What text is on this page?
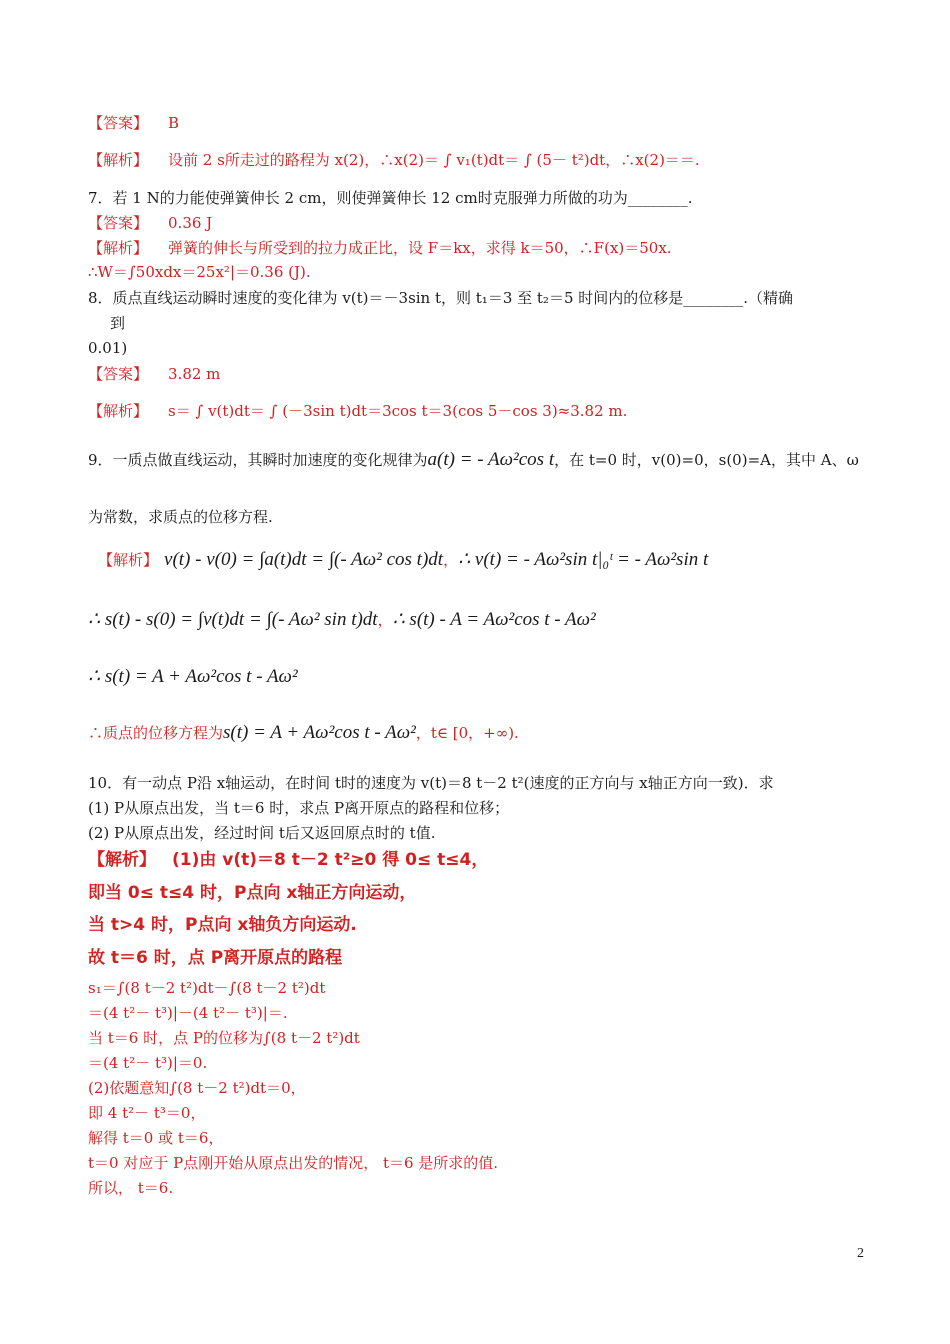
【答案】 B
【解析】 设前 2 s所走过的路程为 x(2)，∴x(2)＝ ∫ v₁(t)dt＝ ∫ (5－ t²)dt，∴x(2)＝＝.
7．若 1 N的力能使弹簧伸长 2 cm，则使弹簧伸长 12 cm时克服弹力所做的功为________.
【答案】 0.36 J
【解析】 弹簧的伸长与所受到的拉力成正比，设 F＝kx，求得 k＝50，∴F(x)＝50x.
∴W＝∫50xdx＝25x²|＝0.36 (J).
8．质点直线运动瞬时速度的变化律为 v(t)＝－3sin t，则 t₁＝3 至 t₂＝5 时间内的位移是________.（精确
到
0.01)
【答案】 3.82 m
【解析】 s＝ ∫ v(t)dt＝ ∫ (－3sin t)dt＝3cos t＝3(cos 5－cos 3)≈3.82 m.
9．一质点做直线运动，其瞬时加速度的变化规律为a(t) = - Aω²cos t，在 t=0 时，v(0)=0，s(0)=A，其中 A、ω
为常数，求质点的位移方程.
【解析】 v(t) - v(0) = ∫a(t)dt = ∫(- Aω² cos t)dt，∴ v(t) = - Aω²sin t|₀ᵗ = - Aω²sin t
∴ s(t) - s(0) = ∫v(t)dt = ∫(- Aω² sin t)dt，∴ s(t) - A = Aω²cos t - Aω²
∴ s(t) = A + Aω²cos t - Aω²
∴质点的位移方程为s(t) = A + Aω²cos t - Aω²，t∈ [0，+∞).
10．有一动点 P沿 x轴运动，在时间 t时的速度为 v(t)＝8 t－2 t²(速度的正方向与 x轴正方向一致)．求
(1) P从原点出发，当 t＝6 时，求点 P离开原点的路程和位移；
(2) P从原点出发，经过时间 t后又返回原点时的 t值.
【解析】 (1)由 v(t)＝8 t－2 t²≥0 得 0≤ t≤4，
即当 0≤ t≤4 时，P点向 x轴正方向运动，
当 t>4 时，P点向 x轴负方向运动.
故 t＝6 时，点 P离开原点的路程
s₁＝∫(8 t－2 t²)dt－∫(8 t－2 t²)dt
＝(4 t²－ t³)|－(4 t²－ t³)|＝.
当 t＝6 时，点 P的位移为∫(8 t－2 t²)dt
＝(4 t²－ t³)|＝0.
(2)依题意知∫(8 t－2 t²)dt＝0，
即 4 t²－ t³＝0，
解得 t＝0 或 t＝6，
t＝0 对应于 P点刚开始从原点出发的情况， t＝6 是所求的值.
所以， t＝6.
2
